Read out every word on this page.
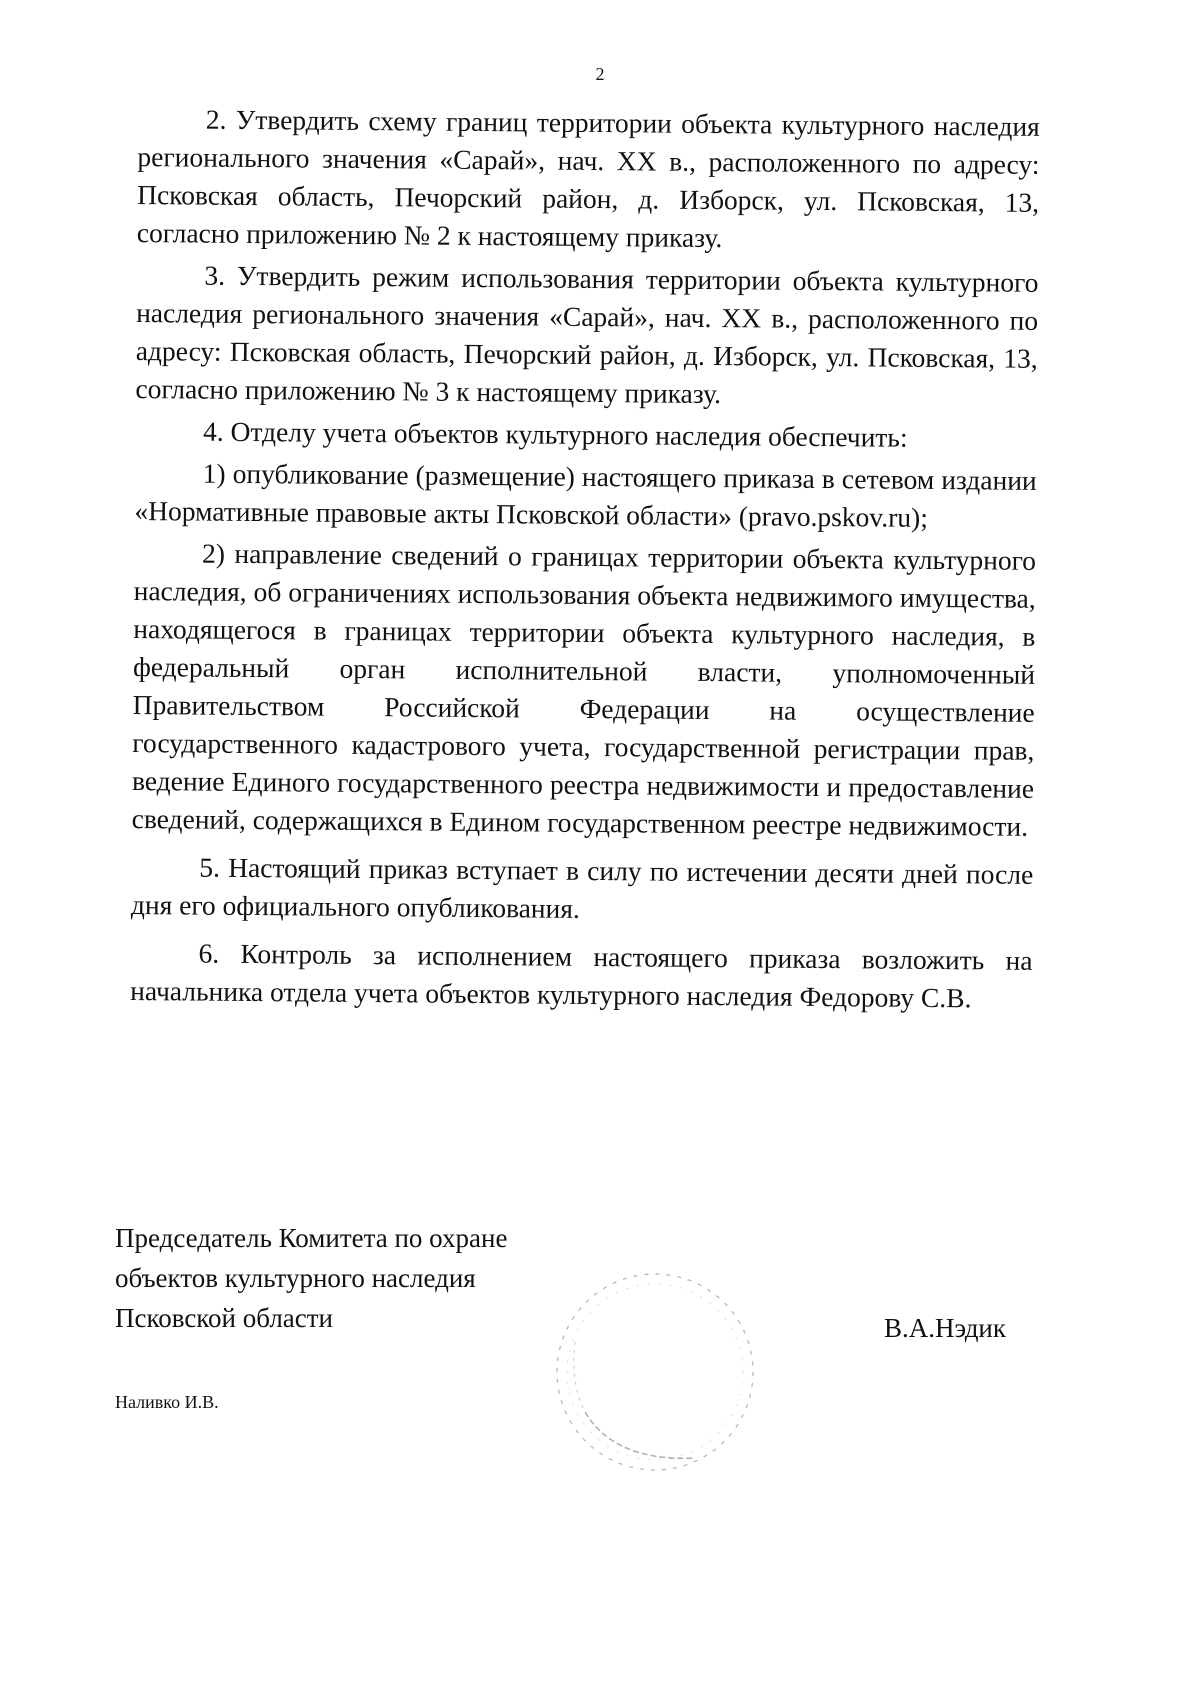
2

2. Утвердить схему границ территории объекта культурного наследия регионального значения «Сарай», нач. XX в., расположенного по адресу: Псковская область, Печорский район, д. Изборск, ул. Псковская, 13, согласно приложению № 2 к настоящему приказу.

3. Утвердить режим использования территории объекта культурного наследия регионального значения «Сарай», нач. XX в., расположенного по адресу: Псковская область, Печорский район, д. Изборск, ул. Псковская, 13, согласно приложению № 3 к настоящему приказу.

4. Отделу учета объектов культурного наследия обеспечить:

1) опубликование (размещение) настоящего приказа в сетевом издании «Нормативные правовые акты Псковской области» (pravo.pskov.ru);

2) направление сведений о границах территории объекта культурного наследия, об ограничениях использования объекта недвижимого имущества, находящегося в границах территории объекта культурного наследия, в федеральный орган исполнительной власти, уполномоченный Правительством Российской Федерации на осуществление государственного кадастрового учета, государственной регистрации прав, ведение Единого государственного реестра недвижимости и предоставление сведений, содержащихся в Едином государственном реестре недвижимости.

5. Настоящий приказ вступает в силу по истечении десяти дней после дня его официального опубликования.

6. Контроль за исполнением настоящего приказа возложить на начальника отдела учета объектов культурного наследия Федорову С.В.

Председатель Комитета по охране
объектов культурного наследия
Псковской области	В.А.Нэдик
Наливко И.В.
